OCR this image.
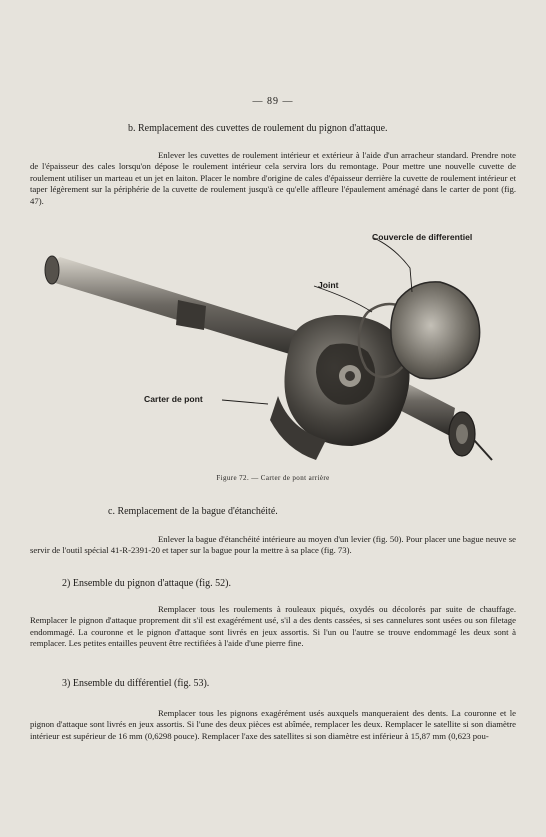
— 89 —
b. Remplacement des cuvettes de roulement du pignon d'attaque.
Enlever les cuvettes de roulement intérieur et extérieur à l'aide d'un arracheur standard. Prendre note de l'épaisseur des cales lorsqu'on dépose le roulement intérieur cela servira lors du remontage. Pour mettre une nouvelle cuvette de roulement utiliser un marteau et un jet en laiton. Placer le nombre d'origine de cales d'épaisseur derrière la cuvette de roulement intérieur et taper légèrement sur la périphérie de la cuvette de roulement jusqu'à ce qu'elle affleure l'épaulement aménagé dans le carter de pont (fig. 47).
Couvercle de differentiel
Joint
Carter de pont
Figure 72. — Carter de pont arrière
c. Remplacement de la bague d'étanchéité.
Enlever la bague d'étanchéité intérieure au moyen d'un levier (fig. 50). Pour placer une bague neuve se servir de l'outil spécial 41-R-2391-20 et taper sur la bague pour la mettre à sa place (fig. 73).
2) Ensemble du pignon d'attaque (fig. 52).
Remplacer tous les roulements à rouleaux piqués, oxydés ou décolorés par suite de chauffage. Remplacer le pignon d'attaque proprement dit s'il est exagérément usé, s'il a des dents cassées, si ses cannelures sont usées ou son filetage endommagé. La couronne et le pignon d'attaque sont livrés en jeux assortis. Si l'un ou l'autre se trouve endommagé les deux sont à remplacer. Les petites entailles peuvent être rectifiées à l'aide d'une pierre fine.
3) Ensemble du différentiel (fig. 53).
Remplacer tous les pignons exagérément usés auxquels manqueraient des dents. La couronne et le pignon d'attaque sont livrés en jeux assortis. Si l'une des deux pièces est abîmée, remplacer les deux. Remplacer le satellite si son diamètre intérieur est supérieur de 16 mm (0,6298 pouce). Remplacer l'axe des satellites si son diamètre est inférieur à 15,87 mm (0,623 pou-
